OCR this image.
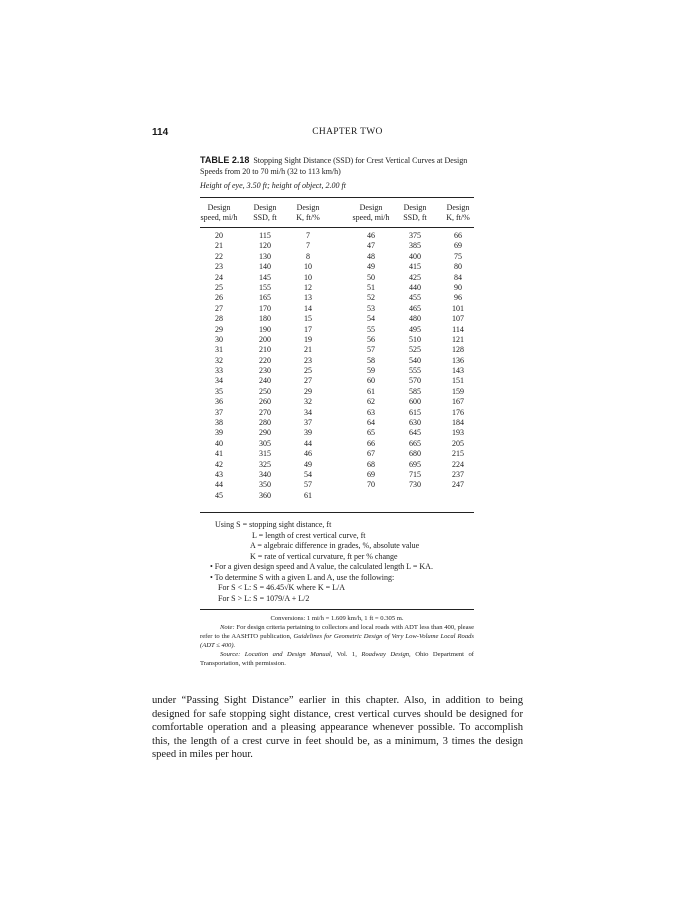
114	CHAPTER TWO
TABLE 2.18 Stopping Sight Distance (SSD) for Crest Vertical Curves at Design Speeds from 20 to 70 mi/h (32 to 113 km/h)
Height of eye, 3.50 ft; height of object, 2.00 ft
Design
speed, mi/h
Design
SSD, ft
Design
K, ft/%
Design
speed, mi/h
Design
SSD, ft
Design
K, ft/%
20
21
22
23
24
25
26
27
28
29
30
31
32
33
34
35
36
37
38
39
40
41
42
43
44
45
115
120
130
140
145
155
165
170
180
190
200
210
220
230
240
250
260
270
280
290
305
315
325
340
350
360
7
7
8
10
10
12
13
14
15
17
19
21
23
25
27
29
32
34
37
39
44
46
49
54
57
61
46
47
48
49
50
51
52
53
54
55
56
57
58
59
60
61
62
63
64
65
66
67
68
69
70
375
385
400
415
425
440
455
465
480
495
510
525
540
555
570
585
600
615
630
645
665
680
695
715
730
66
69
75
80
84
90
96
101
107
114
121
128
136
143
151
159
167
176
184
193
205
215
224
237
247
Using S = stopping sight distance, ft
L = length of crest vertical curve, ft
A = algebraic difference in grades, %, absolute value
K = rate of vertical curvature, ft per % change
• For a given design speed and A value, the calculated length L = KA.
• To determine S with a given L and A, use the following:
For S < L: S = 46.45√K where K = L/A
For S > L: S = 1079/A + L/2
Conversions: 1 mi/h = 1.609 km/h, 1 ft = 0.305 m.
Note: For design criteria pertaining to collectors and local roads with ADT less than 400, please refer to the AASHTO publication, Guidelines for Geometric Design of Very Low-Volume Local Roads (ADT ≤ 400).
Source: Location and Design Manual, Vol. 1, Roadway Design, Ohio Department of Transportation, with permission.
under “Passing Sight Distance” earlier in this chapter. Also, in addition to being designed for safe stopping sight distance, crest vertical curves should be designed for comfortable operation and a pleasing appearance whenever possible. To accomplish this, the length of a crest curve in feet should be, as a minimum, 3 times the design speed in miles per hour.
